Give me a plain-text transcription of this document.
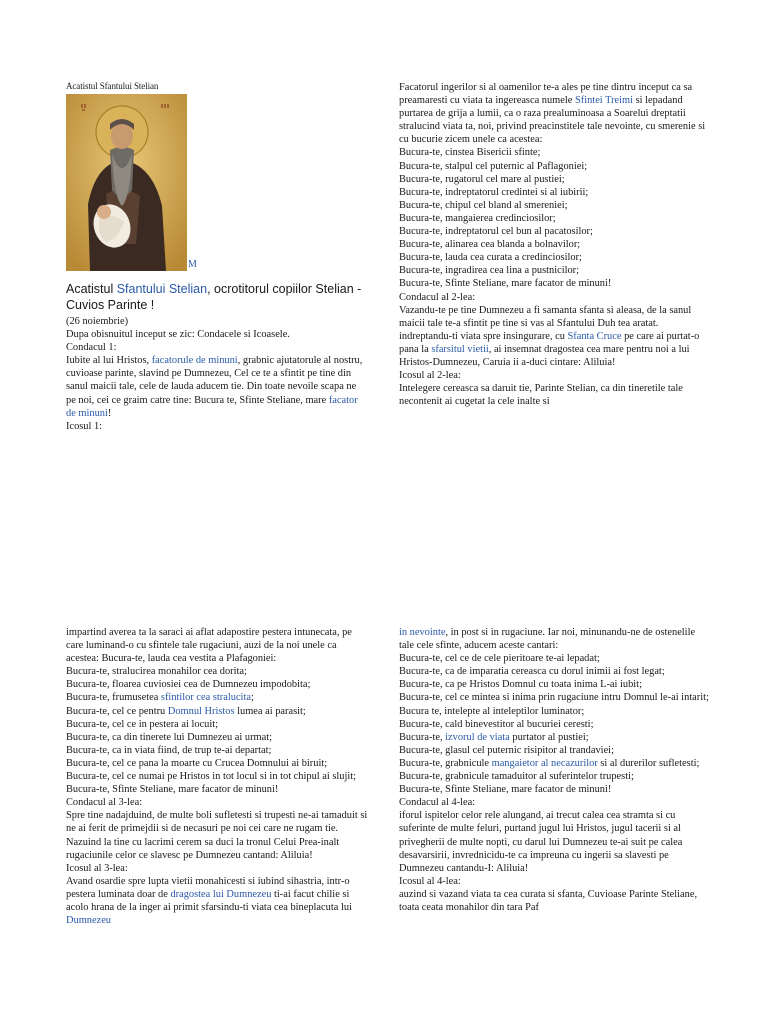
Acatistul Sfantului Stelian

M

Acatistul Sfantului Stelian, ocrotitorul copiilor Stelian - Cuvios Parinte !

(26 noiembrie)

Dupa obisnuitul inceput se zic: Condacele si Icoasele.

Condacul 1:

Iubite al lui Hristos, facatorule de minuni, grabnic ajutatorule al nostru, cuvioase parinte, slavind pe Dumnezeu, Cel ce te a sfintit pe tine din sanul maicii tale, cele de lauda aducem tie. Din toate nevoile scapa ne pe noi, cei ce graim catre tine: Bucura te, Sfinte Steliane, mare facator de minuni!

Icosul 1:

Facatorul ingerilor si al oamenilor te-a ales pe tine dintru inceput ca sa preamaresti cu viata ta ingereasca numele Sfintei Treimi si lepadand purtarea de grija a lumii, ca o raza prealuminoasa a Soarelui dreptatii stralucind viata ta, noi, privind preacinstitele tale nevointe, cu smerenie si cu bucurie zicem unele ca acestea:

Bucura-te, cinstea Bisericii sfinte;

Bucura-te, stalpul cel puternic al Paflagoniei;

Bucura-te, rugatorul cel mare al pustiei;

Bucura-te, indreptatorul credintei si al iubirii;

Bucura-te, chipul cel bland al smereniei;

Bucura-te, mangaierea credinciosilor;

Bucura-te, indreptatorul cel bun al pacatosilor;

Bucura-te, alinarea cea blanda a bolnavilor;

Bucura-te, lauda cea curata a credinciosilor;

Bucura-te, ingradirea cea lina a pustnicilor;

Bucura-te, Sfinte Steliane, mare facator de minuni!

Condacul al 2-lea:

Vazandu-te pe tine Dumnezeu a fi samanta sfanta si aleasa, de la sanul maicii tale te-a sfintit pe tine si vas al Sfantului Duh tea aratat. indreptandu-ti viata spre insingurare, cu Sfanta Cruce pe care ai purtat-o pana la sfarsitul vietii, ai insemnat dragostea cea mare pentru noi a lui Hristos-Dumnezeu, Caruia ii a-duci cintare: Aliluia!

Icosul al 2-lea:

Intelegere cereasca sa daruit tie, Parinte Stelian, ca din tineretile tale necontenit ai cugetat la cele inalte si

impartind averea ta la saraci ai aflat adapostire pestera intunecata, pe care luminand-o cu sfintele tale rugaciuni, auzi de la noi unele ca acestea: Bucura-te, lauda cea vestita a Plafagoniei:

Bucura-te, stralucirea monahilor cea dorita;

Bucura-te, floarea cuviosiei cea de Dumnezeu impodobita;

Bucura-te, frumusetea sfintilor cea stralucita;

Bucura-te, cel ce pentru Domnul Hristos lumea ai parasit;

Bucura-te, cel ce in pestera ai locuit;

Bucura-te, ca din tinerete lui Dumnezeu ai urmat;

Bucura-te, ca in viata fiind, de trup te-ai departat;

Bucura-te, cel ce pana la moarte cu Crucea Domnului ai biruit;

Bucura-te, cel ce numai pe Hristos in tot locul si in tot chipul ai slujit;

Bucura-te, Sfinte Steliane, mare facator de minuni!

Condacul al 3-lea:

Spre tine nadajduind, de multe boli sufletesti si trupesti ne-ai tamaduit si ne ai ferit de primejdii si de necasuri pe noi cei care ne rugam tie. Nazuind la tine cu lacrimi cerem sa duci la tronul Celui Prea-inalt rugaciunile celor ce slavesc pe Dumnezeu cantand: Aliluia!

Icosul al 3-lea:

Avand osardie spre lupta vietii monahicesti si iubind sihastria, intr-o pestera luminata doar de dragostea lui Dumnezeu ti-ai facut chilie si acolo hrana de la inger ai primit sfarsindu-ti viata cea bineplacuta lui Dumnezeu

in nevointe, in post si in rugaciune. Iar noi, minunandu-ne de ostenelile tale cele sfinte, aducem aceste cantari:

Bucura-te, cel ce de cele pieritoare te-ai lepadat;

Bucura-te, ca de imparatia cereasca cu dorul inimii ai fost legat;

Bucura-te, ca pe Hristos Domnul cu toata inima L-ai iubit;

Bucura-te, cel ce mintea si inima prin rugaciune intru Domnul le-ai intarit;

Bucura te, intelepte al inteleptilor luminator;

Bucura-te, cald binevestitor al bucuriei ceresti;

Bucura-te, izvorul de viata purtator al pustiei;

Bucura-te, glasul cel puternic risipitor al trandaviei;

Bucura-te, grabnicule mangaietor al necazurilor si al durerilor sufletesti;

Bucura-te, grabnicule tamaduitor al suferintelor trupesti;

Bucura-te, Sfinte Steliane, mare facator de minuni!

Condacul al 4-lea:

iforul ispitelor celor rele alungand, ai trecut calea cea stramta si cu suferinte de multe feluri, purtand jugul lui Hristos, jugul tacerii si al privegherii de multe nopti, cu darul lui Dumnezeu te-ai suit pe calea desavarsirii, invrednicidu-te ca impreuna cu ingerii sa slavesti pe Dumnezeu cantandu-I: Aliluia!

Icosul al 4-lea:

auzind si vazand viata ta cea curata si sfanta, Cuvioase Parinte Steliane, toata ceata monahilor din tara Paf
